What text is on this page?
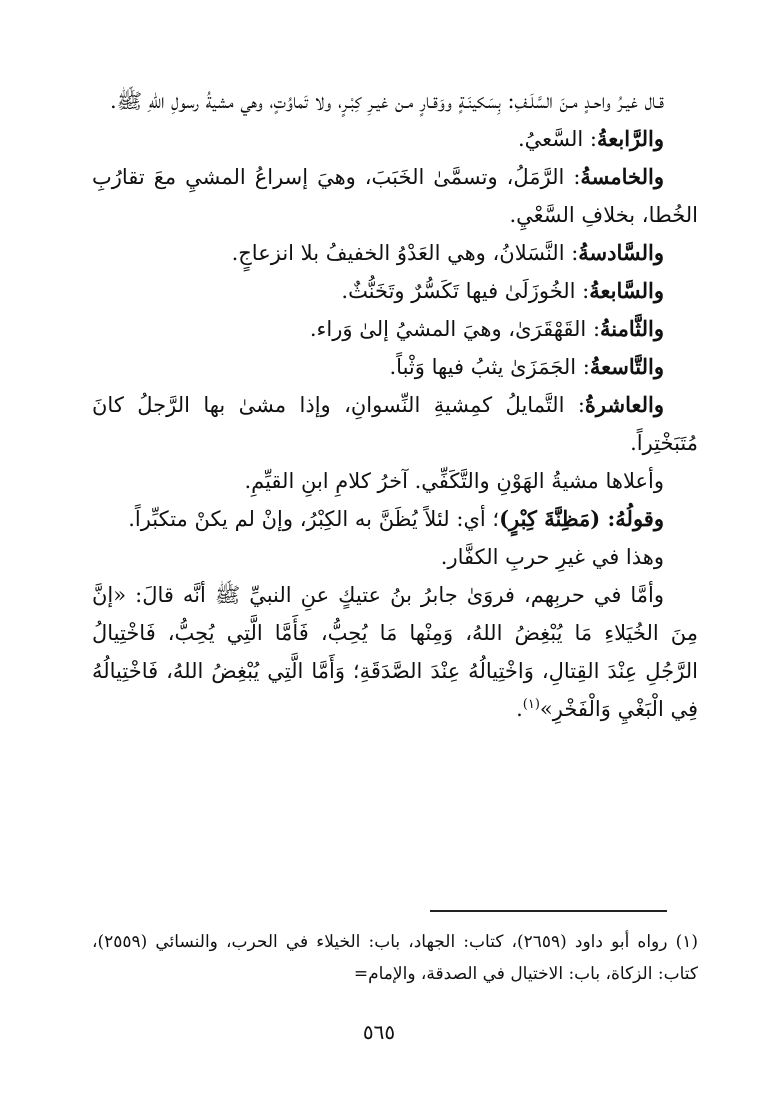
قـال غيـرُ واحـدٍ مـنَ السَّلَـفِ: بِسَكينَـةٍ ووَقـارٍ مـن غيـرِ كِبْـرٍ، ولا تَماوُتٍ، وهي مشيةُ رسولِ اللهِ ﷺ.

والرَّابعةُ: السَّعيُ.

والخامسةُ: الرَّمَلُ، وتسمَّىٰ الخَبَبَ، وهيَ إسراعُ المشيِ معَ تقارُبِ الخُطا، بخلافِ السَّعْيِ.

والسَّادسةُ: النَّسَلانُ، وهي العَدْوُ الخفيفُ بلا انزعاجٍ.

والسَّابعةُ: الخُوزَلَىٰ فيها تَكَسُّرٌ وتَخَنُّثٌ.

والثَّامنةُ: القَهْقَرَىٰ، وهيَ المشيُ إلىٰ وَراء.

والتَّاسعةُ: الجَمَزَىٰ يثبُ فيها وَثْباً.

والعاشرةُ: التَّمايلُ كمِشيةِ النِّسوانِ، وإذا مشىٰ بها الرَّجلُ كانَ مُتَبَخْتِراً.

وأعلاها مشيةُ الهَوْنِ والتَّكَفِّي. آخرُ كلامِ ابنِ القيِّمِ.

وقولُهُ: (مَظِنَّةَ كِبْرٍ)؛ أي: لئلاً يُظَنَّ به الكِبْرُ، وإنْ لم يكنْ متكبِّراً.

وهذا في غيرِ حربِ الكفَّار.

وأمَّا في حربِهم، فروَىٰ جابرُ بنُ عتيكٍ عنِ النبيِّ ﷺ أنَّه قالَ: «إنَّ مِنَ الخُيَلاءِ مَا يُبْغِضُ اللهُ، وَمِنْها مَا يُحِبُّ، فَأَمَّا الَّتِي يُحِبُّ، فَاخْتِيالُ الرَّجُلِ عِنْدَ القِتالِ، وَاخْتِيالُهُ عِنْدَ الصَّدَقَةِ؛ وَأَمَّا الَّتِي يُبْغِضُ اللهُ، فَاخْتِيالُهُ فِي الْبَغْيِ وَالْفَخْرِ»$^{(١)}$.

(١) رواه أبو داود (٢٦٥٩)، كتاب: الجهاد، باب: الخيلاء في الحرب، والنسائي (٢٥٥٩)، كتاب: الزكاة، باب: الاختيال في الصدقة، والإمام=

٥٦٥
